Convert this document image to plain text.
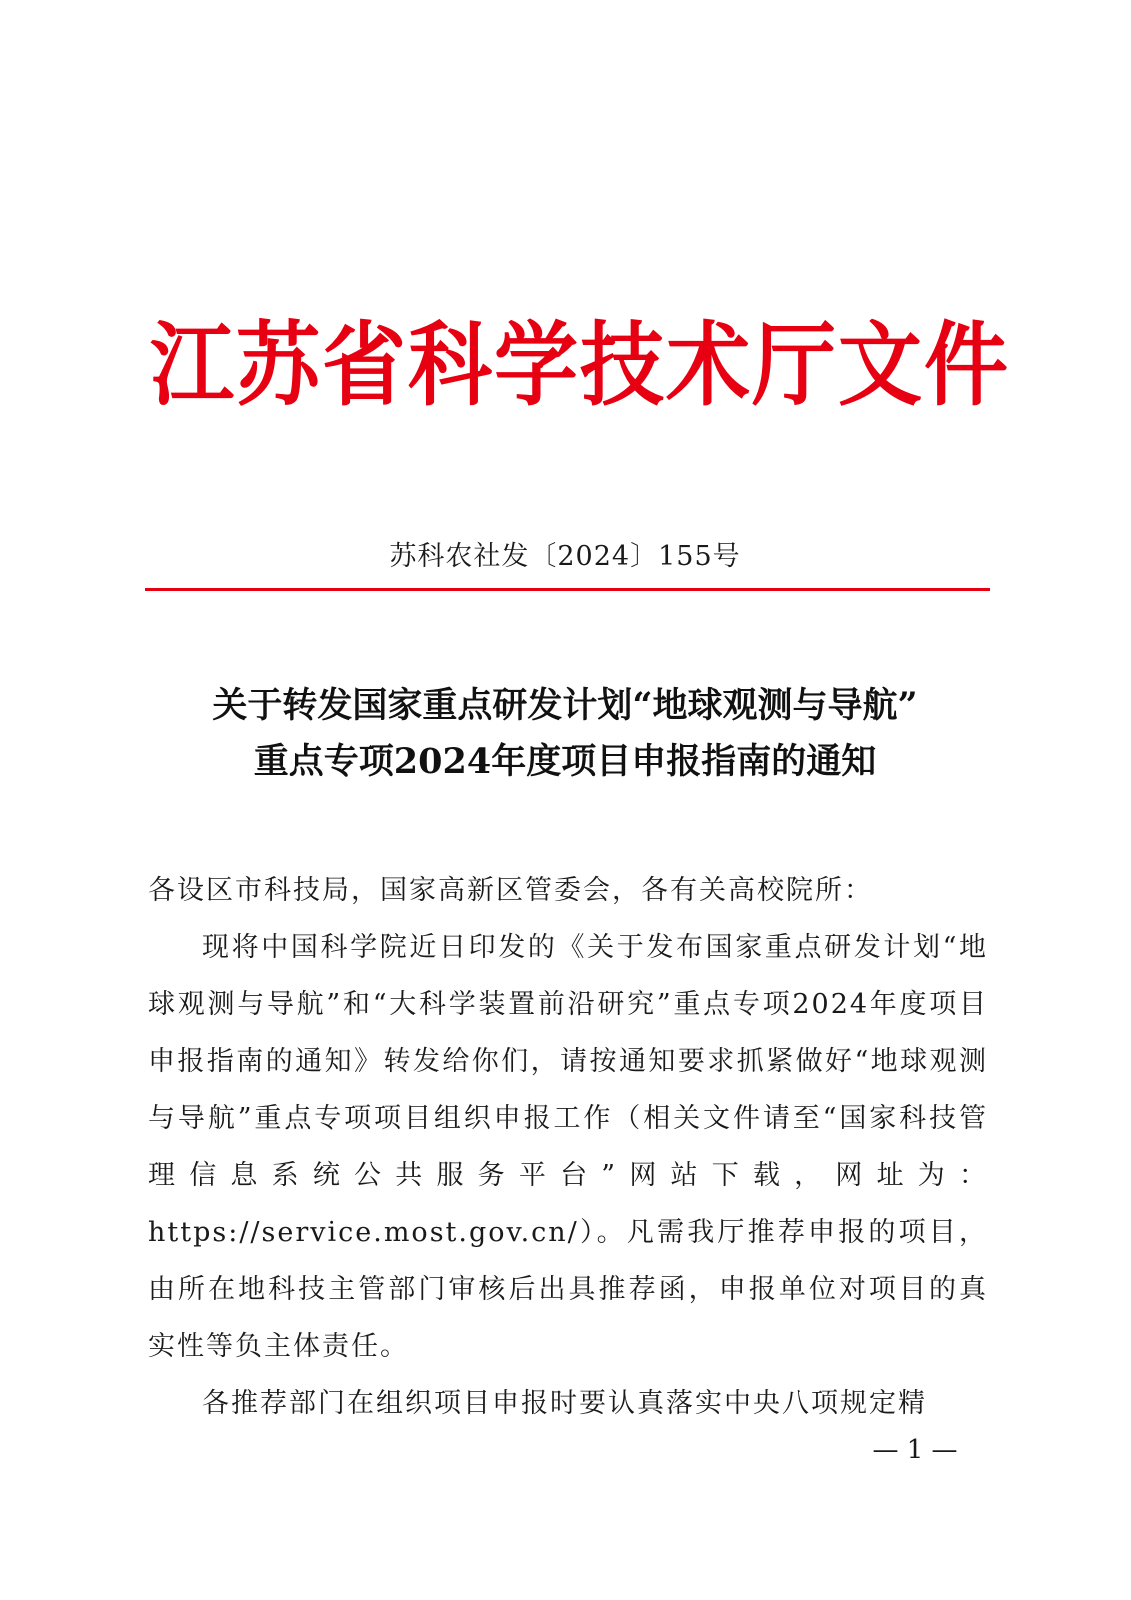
江苏省科学技术厅文件
苏科农社发〔2024〕155号
关于转发国家重点研发计划“地球观测与导航”
重点专项2024年度项目申报指南的通知

各设区市科技局，国家高新区管委会，各有关高校院所：

现将中国科学院近日印发的《关于发布国家重点研发计划“地球观测与导航”和“大科学装置前沿研究”重点专项2024年度项目申报指南的通知》转发给你们，请按通知要求抓紧做好“地球观测与导航”重点专项项目组织申报工作（相关文件请至“国家科技管理信息系统公共服务平台”网站下载，网址为：https://service.most.gov.cn/）。凡需我厅推荐申报的项目，由所在地科技主管部门审核后出具推荐函，申报单位对项目的真实性等负主体责任。

各推荐部门在组织项目申报时要认真落实中央八项规定精

— 1 —
